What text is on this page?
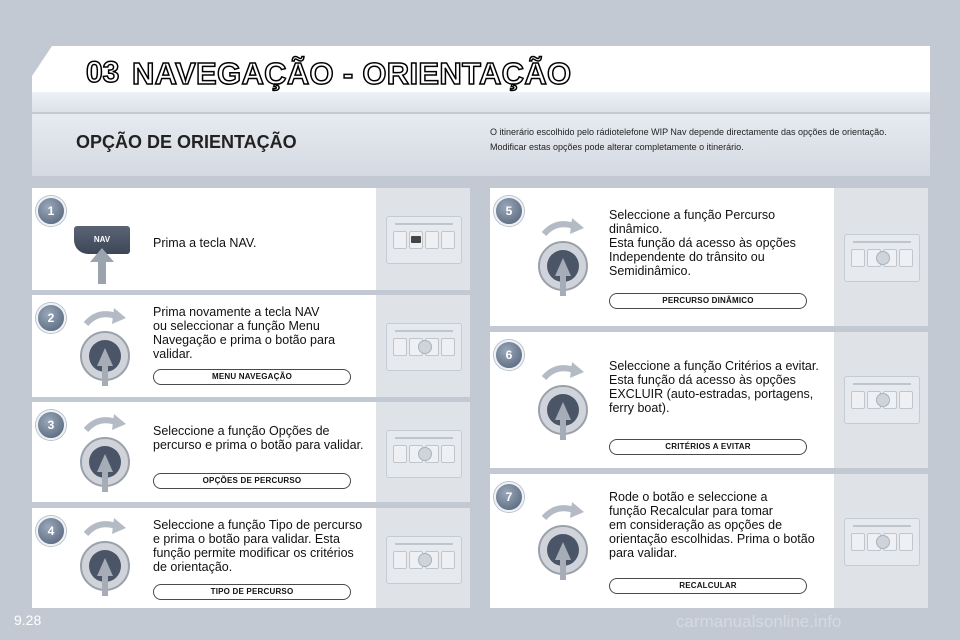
03 NAVEGAÇÃO - ORIENTAÇÃO
OPÇÃO DE ORIENTAÇÃO	O itinerário escolhido pelo rádiotelefone WIP Nav depende directamente das opções de orientação.
Modificar estas opções pode alterar completamente o itinerário.
1
NAV	Prima a tecla NAV.
2	Prima novamente a tecla NAV
ou seleccionar a função Menu
Navegação e prima o botão para
validar.
MENU NAVEGAÇÃO
3	Seleccione a função Opções de
percurso e prima o botão para validar.
OPÇÕES DE PERCURSO
4	Seleccione a função Tipo de percurso
e prima o botão para validar. Esta
função permite modificar os critérios
de orientação.
TIPO DE PERCURSO
5	Seleccione a função Percurso
dinâmico.
Esta função dá acesso às opções
Independente do trânsito ou
Semidinâmico.
PERCURSO DINÂMICO
6
Seleccione a função Critérios a evitar.
Esta função dá acesso às opções
EXCLUIR (auto-estradas, portagens,
ferry boat).
CRITÉRIOS A EVITAR
7	Rode o botão e seleccione a
função Recalcular para tomar
em consideração as opções de
orientação escolhidas. Prima o botão
para validar.
RECALCULAR
9.28	carmanualsonline.info
